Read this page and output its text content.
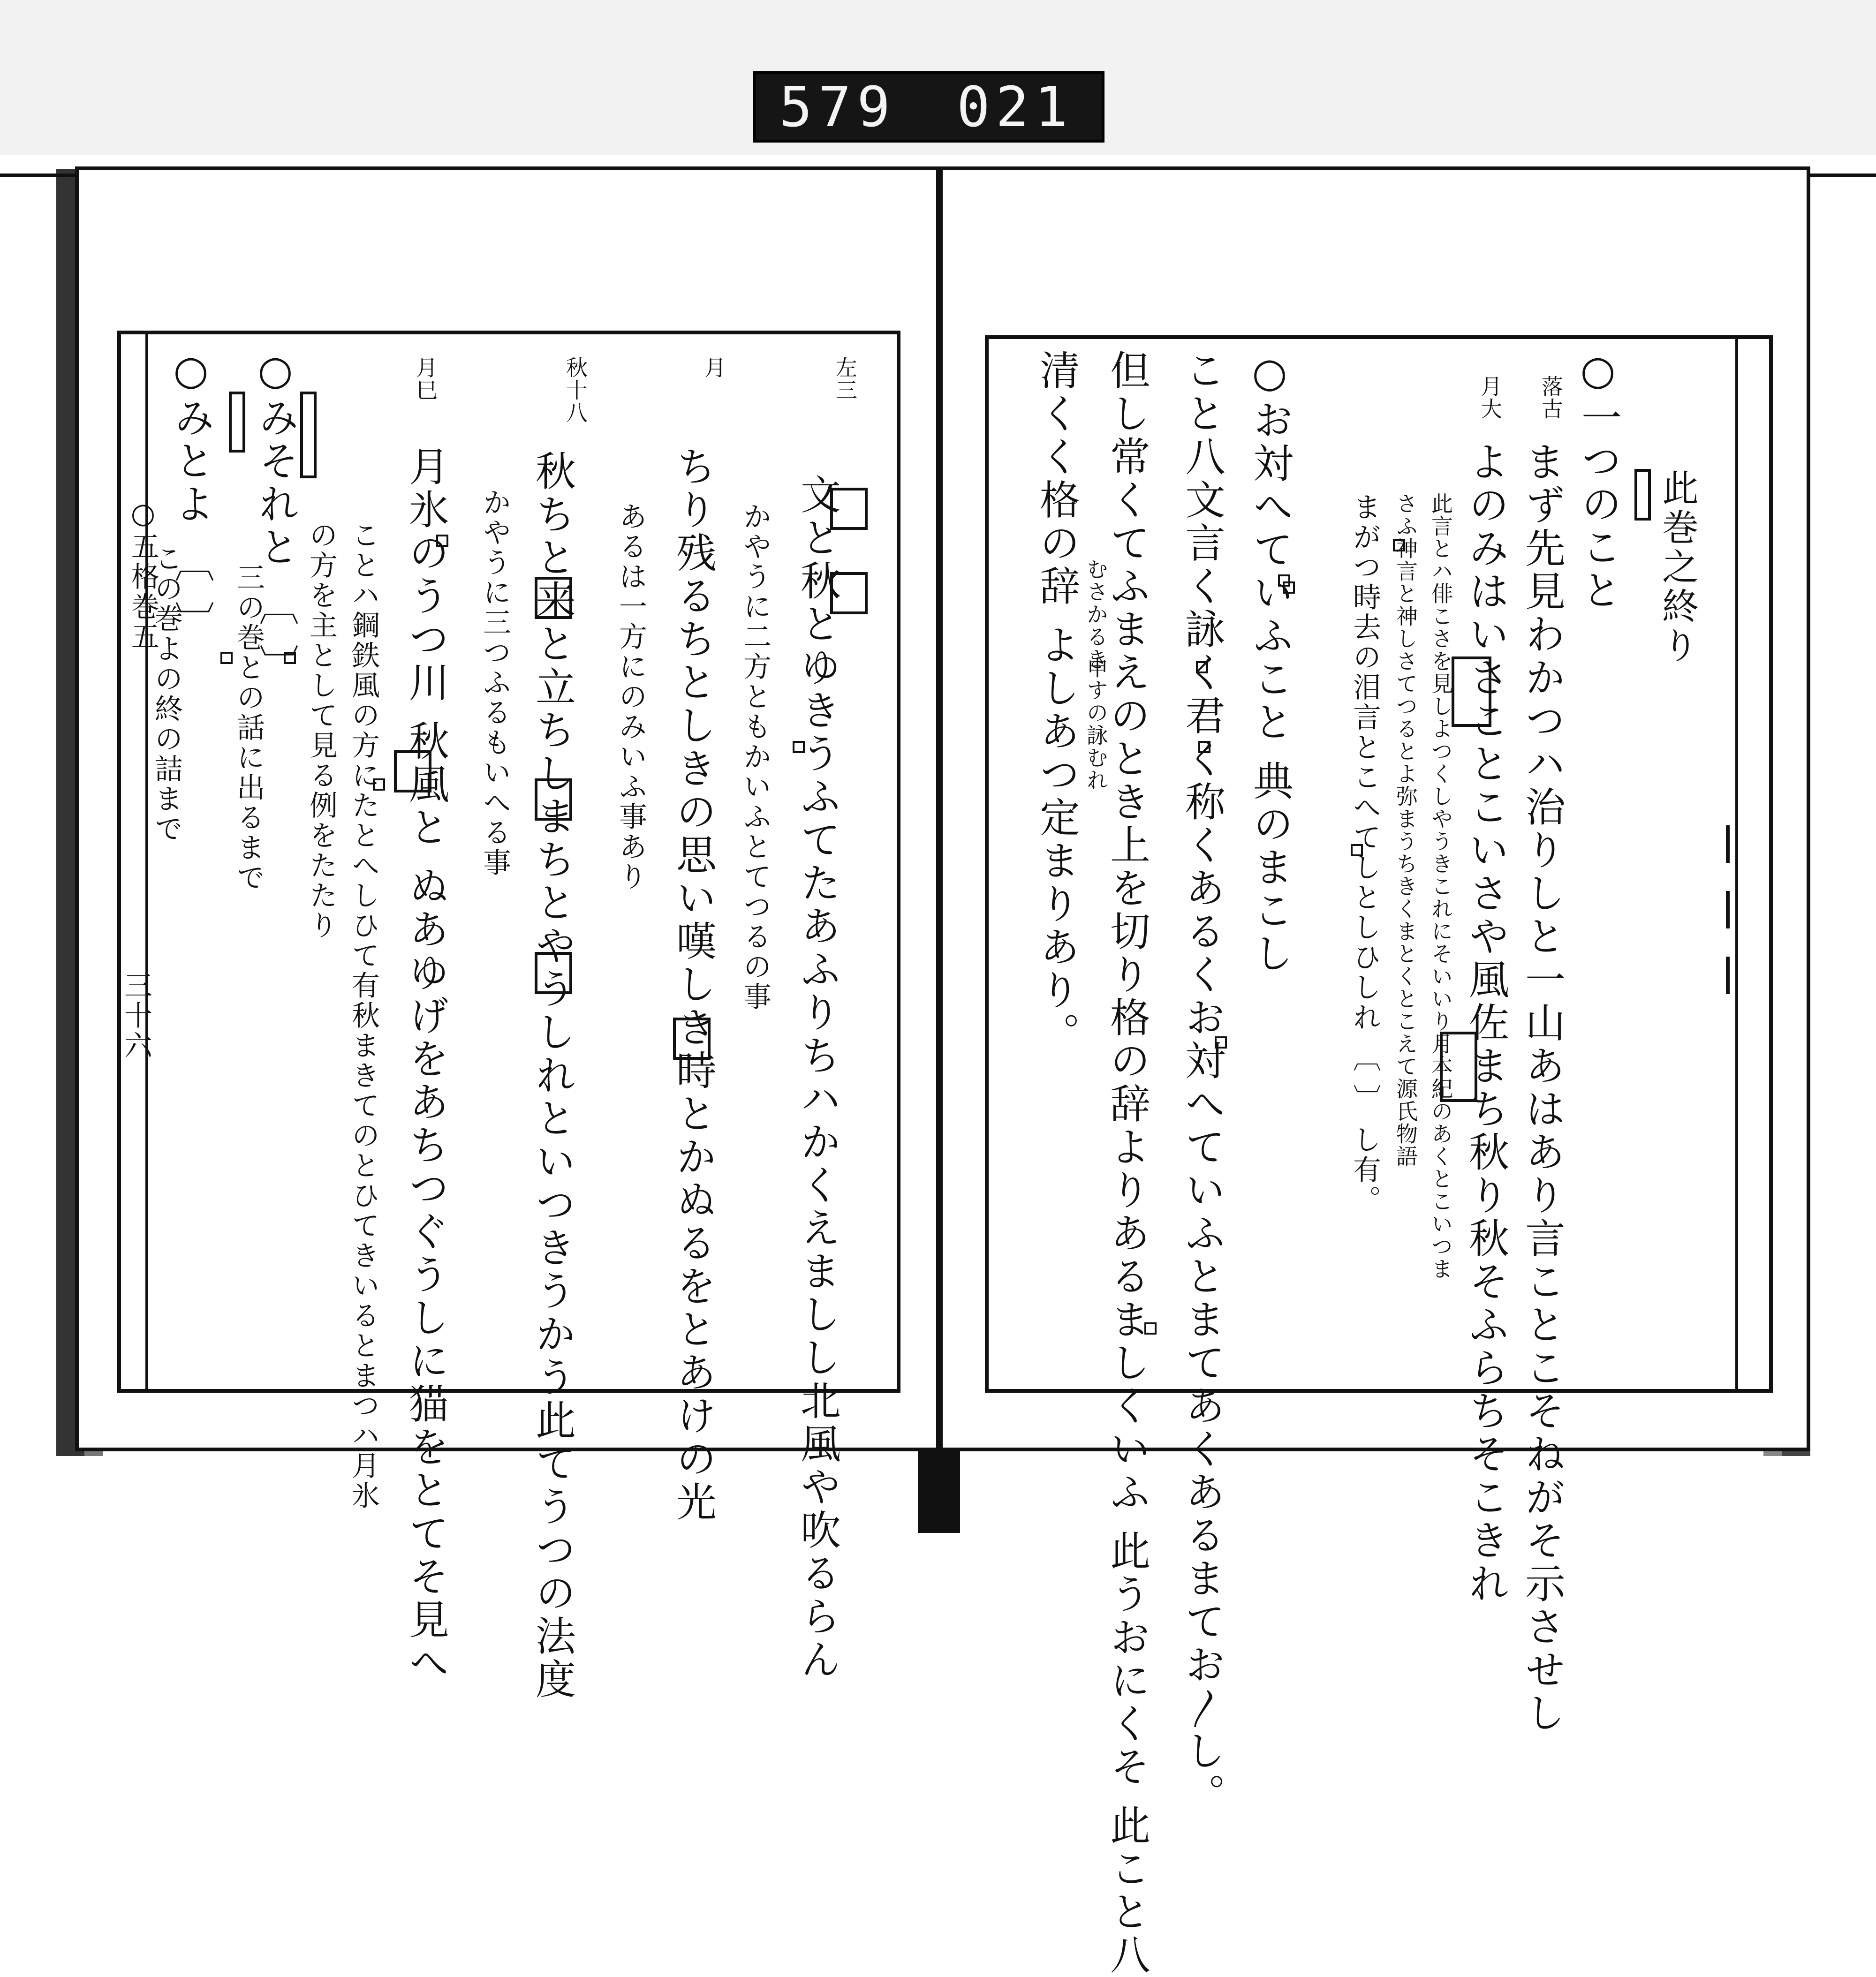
579 021
○五格巻五
三十六
左三
月
秋十八
月巳
文と秋とゆきうふてたあふりちハかくえましし北風や吹るらん
かやうに二方ともかいふとてつるの事
ちり残るちとしきの思い嘆しき時とかぬるをとあけの光
あるは一方にのみいふ事あり
秋ちと来と立ちしまちとやうしれといつきうかう此てうつの法度
かやうに三つふるもいへる事
月氷のうつ川 秋風と ぬあゆげをあちつぐうしに猫をとてそ見へ
ことハ鋼鉄風の方にたとへしひて有秋まきてのとひてきいるとまつハ月氷
の方を主として見る例をたたり
○みそれと 〔 〕
三の巻との話に出るまで
○みとよ 〔 〕
この巻よの終の詰まで	此巻之終り
○一つのこと
落古
月大
まず先見わかつハ治りしと一山あはあり言ことこそねがそ示させし
よのみはいさことこいさや風佐まち秋り秋そふらちそこきれ
此言とハ俳こさを見しよつくしやうきこれにそいいり月本紀のあくとこいつま
さふ神言と神しさてつるとよ弥まうちきくまとくとこえて源氏物語
まがつ時去の泪言とこへてしとしひしれ 〔 〕 し有。
○お対へていふこと 典のまこし
こと八文言く詠く君く称くあるくお対へていふとまてあくあるまてお〳し。
但し常くてふまえのとき上を切り格の辞よりあるましくいふ 此うおにくそ 此こと八
清くく格の辞 よしあつ定まりあり。 むさかるき
申すの詠むれ
